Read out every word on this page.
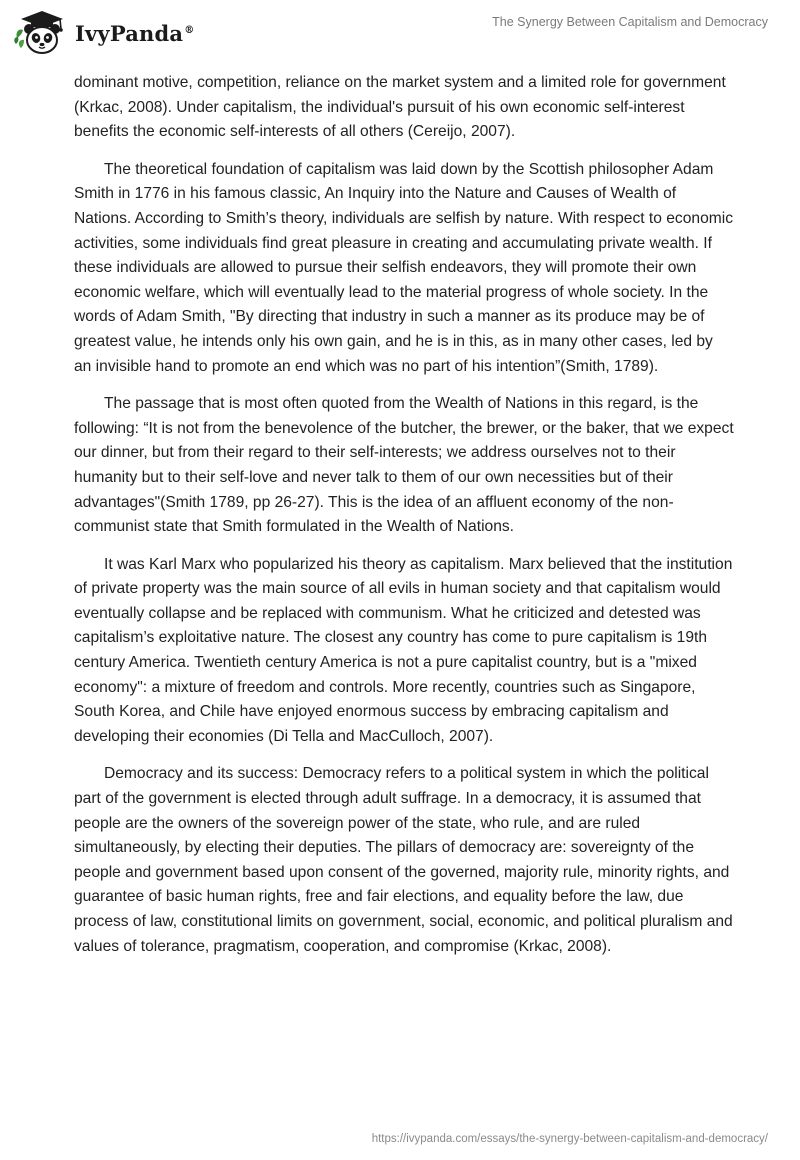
IvyPanda®
The Synergy Between Capitalism and Democracy

dominant motive, competition, reliance on the market system and a limited role for government (Krkac, 2008). Under capitalism, the individual's pursuit of his own economic self-interest benefits the economic self-interests of all others (Cereijo, 2007).

The theoretical foundation of capitalism was laid down by the Scottish philosopher Adam Smith in 1776 in his famous classic, An Inquiry into the Nature and Causes of Wealth of Nations. According to Smith’s theory, individuals are selfish by nature. With respect to economic activities, some individuals find great pleasure in creating and accumulating private wealth. If these individuals are allowed to pursue their selfish endeavors, they will promote their own economic welfare, which will eventually lead to the material progress of whole society. In the words of Adam Smith, "By directing that industry in such a manner as its produce may be of greatest value, he intends only his own gain, and he is in this, as in many other cases, led by an invisible hand to promote an end which was no part of his intention”(Smith, 1789).

The passage that is most often quoted from the Wealth of Nations in this regard, is the following: “It is not from the benevolence of the butcher, the brewer, or the baker, that we expect our dinner, but from their regard to their self-interests; we address ourselves not to their humanity but to their self-love and never talk to them of our own necessities but of their advantages"(Smith 1789, pp 26-27). This is the idea of an affluent economy of the non-communist state that Smith formulated in the Wealth of Nations.

It was Karl Marx who popularized his theory as capitalism. Marx believed that the institution of private property was the main source of all evils in human society and that capitalism would eventually collapse and be replaced with communism. What he criticized and detested was capitalism’s exploitative nature. The closest any country has come to pure capitalism is 19th century America. Twentieth century America is not a pure capitalist country, but is a "mixed economy": a mixture of freedom and controls. More recently, countries such as Singapore, South Korea, and Chile have enjoyed enormous success by embracing capitalism and developing their economies (Di Tella and MacCulloch, 2007).

Democracy and its success: Democracy refers to a political system in which the political part of the government is elected through adult suffrage. In a democracy, it is assumed that people are the owners of the sovereign power of the state, who rule, and are ruled simultaneously, by electing their deputies. The pillars of democracy are: sovereignty of the people and government based upon consent of the governed, majority rule, minority rights, and guarantee of basic human rights, free and fair elections, and equality before the law, due process of law, constitutional limits on government, social, economic, and political pluralism and values of tolerance, pragmatism, cooperation, and compromise (Krkac, 2008).

https://ivypanda.com/essays/the-synergy-between-capitalism-and-democracy/
